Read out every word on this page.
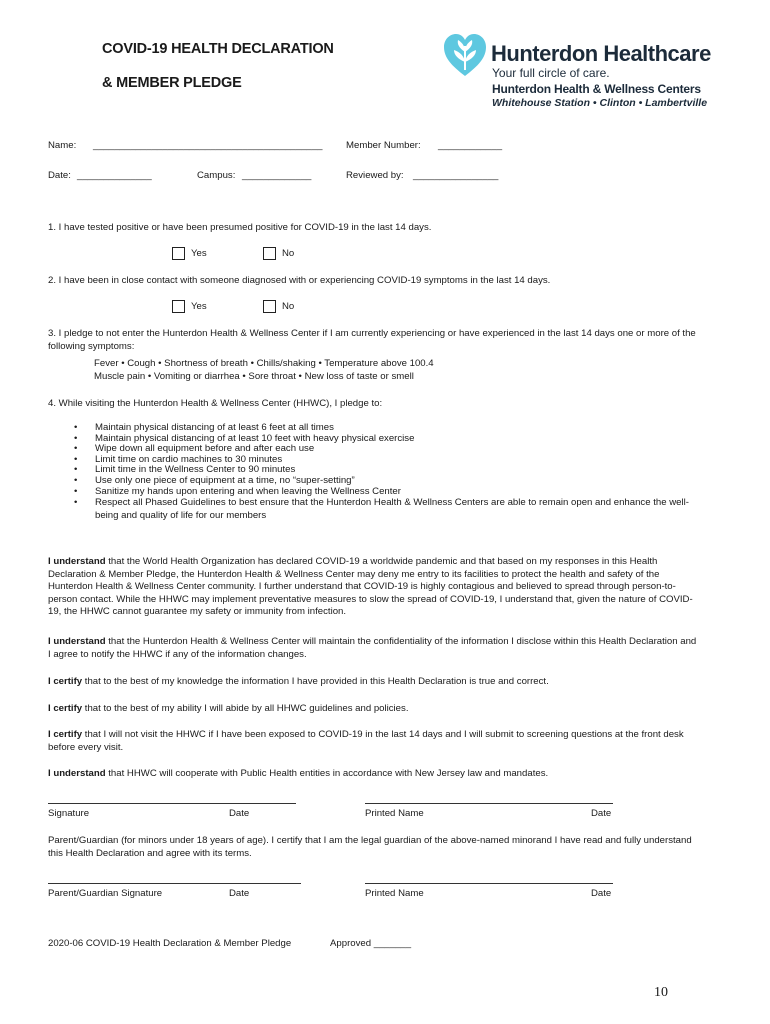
COVID-19 HEALTH DECLARATION
& MEMBER PLEDGE
Hunterdon Healthcare
Your full circle of care.
Hunterdon Health & Wellness Centers
Whitehouse Station • Clinton • Lambertville
Name: ___________________________________________ Member Number: ____________
Date: ______________	Campus: _____________	Reviewed by: ________________
1. I have tested positive or have been presumed positive for COVID-19 in the last 14 days.
Yes	No
2. I have been in close contact with someone diagnosed with or experiencing COVID-19 symptoms in the last 14 days.
Yes	No
3. I pledge to not enter the Hunterdon Health & Wellness Center if I am currently experiencing or have experienced in the last 14 days one or more of the following symptoms:
Fever • Cough • Shortness of breath • Chills/shaking • Temperature above 100.4
Muscle pain • Vomiting or diarrhea • Sore throat • New loss of taste or smell
4. While visiting the Hunterdon Health & Wellness Center (HHWC), I pledge to:
• Maintain physical distancing of at least 6 feet at all times
• Maintain physical distancing of at least 10 feet with heavy physical exercise
• Wipe down all equipment before and after each use
• Limit time on cardio machines to 30 minutes
• Limit time in the Wellness Center to 90 minutes
• Use only one piece of equipment at a time, no “super-setting”
• Sanitize my hands upon entering and when leaving the Wellness Center
• Respect all Phased Guidelines to best ensure that the Hunterdon Health & Wellness Centers are able to remain open and enhance the well-being and quality of life for our members
I understand that the World Health Organization has declared COVID-19 a worldwide pandemic and that based on my responses in this Health Declaration & Member Pledge, the Hunterdon Health & Wellness Center may deny me entry to its facilities to protect the health and safety of the Hunterdon Health & Wellness Center community. I further understand that COVID-19 is highly contagious and believed to spread through person-to-person contact. While the HHWC may implement preventative measures to slow the spread of COVID-19, I understand that, given the nature of COVID-19, the HHWC cannot guarantee my safety or immunity from infection.
I understand that the Hunterdon Health & Wellness Center will maintain the confidentiality of the information I disclose within this Health Declaration and I agree to notify the HHWC if any of the information changes.
I certify that to the best of my knowledge the information I have provided in this Health Declaration is true and correct.
I certify that to the best of my ability I will abide by all HHWC guidelines and policies.
I certify that I will not visit the HHWC if I have been exposed to COVID-19 in the last 14 days and I will submit to screening questions at the front desk before every visit.
I understand that HHWC will cooperate with Public Health entities in accordance with New Jersey law and mandates.
Signature	Date	Printed Name	Date
Parent/Guardian (for minors under 18 years of age). I certify that I am the legal guardian of the above-named minorand I have read and fully understand this Health Declaration and agree with its terms.
Parent/Guardian Signature	Date	Printed Name	Date
2020-06 COVID-19 Health Declaration & Member Pledge	Approved _______
10
